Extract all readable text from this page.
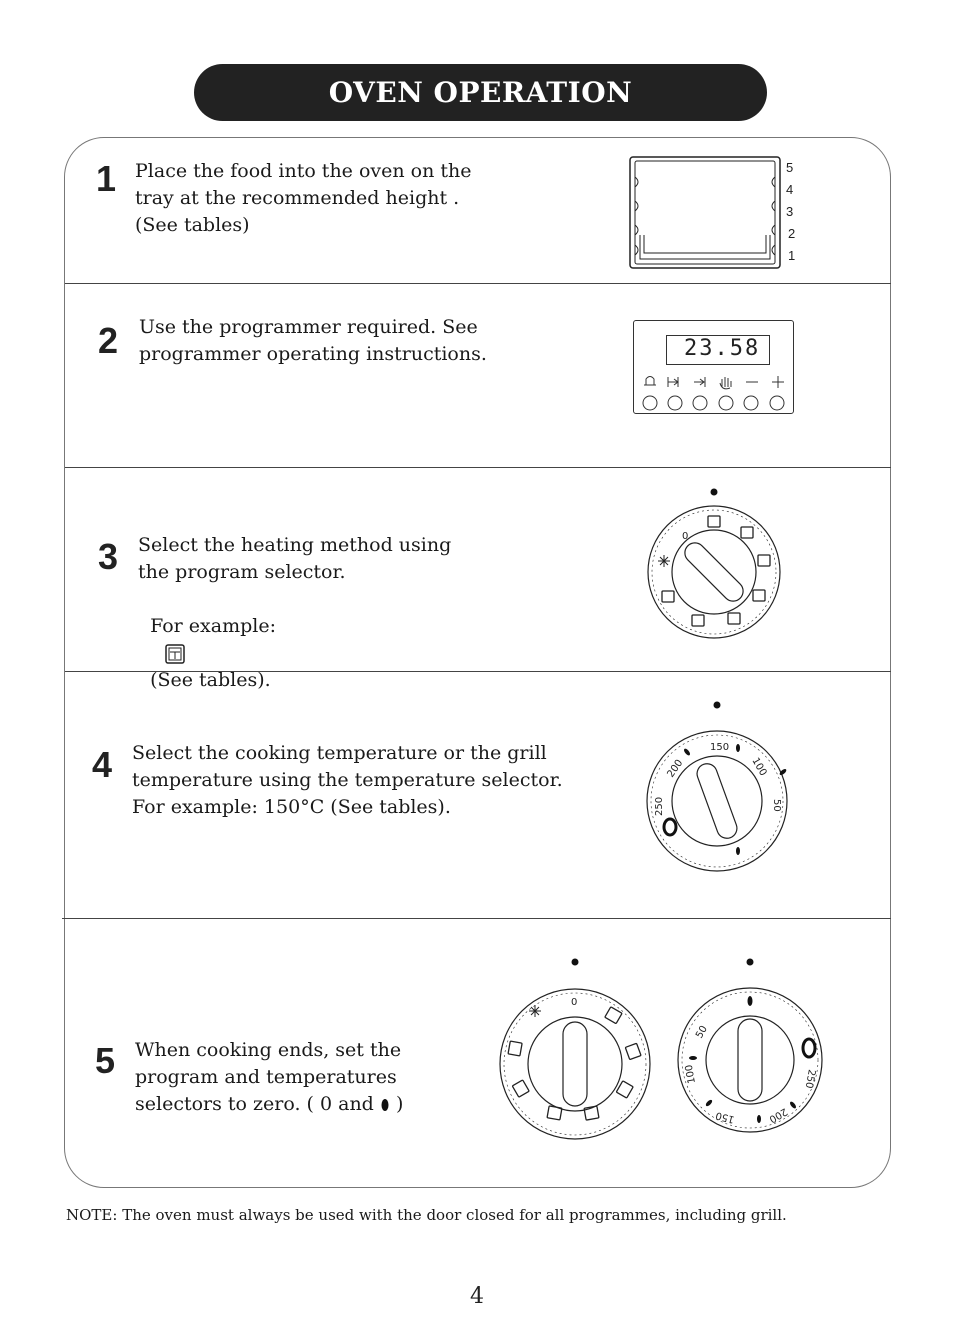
OVEN OPERATION
1 Place the food into the oven on the
tray at the recommended height .
(See tables)
5
4
3
2
1
2 Use the programmer required. See
programmer operating instructions.	23.58
3 Select the heating method using
the program selector.

For example:

(See tables).

0
4 Select the cooking temperature or the grill
temperature using the temperature selector.
For example: 150°C (See tables).
150
100
50
200
250
5 When cooking ends, set the
program and temperatures
selectors to zero. ( 0 and )
0
50
100
150	200
250
NOTE: The oven must always be used with the door closed for all programmes, including grill.
4
